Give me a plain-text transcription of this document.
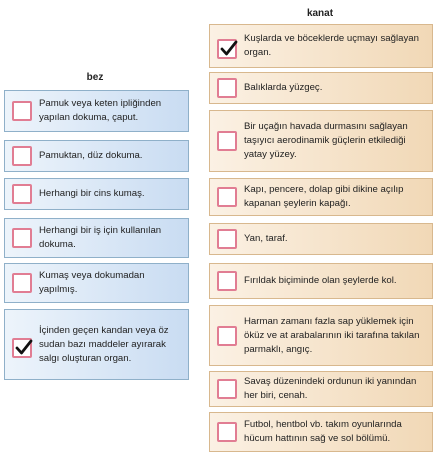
bez
kanat
Pamuk veya keten ipliğinden yapılan dokuma, çaput.
Pamuktan, düz dokuma.
Herhangi bir cins kumaş.
Herhangi bir iş için kullanılan dokuma.
Kumaş veya dokumadan yapılmış.
İçinden geçen kandan veya öz sudan bazı maddeler ayırarak salgı oluşturan organ.
Kuşlarda ve böceklerde uçmayı sağlayan organ.
Balıklarda yüzgeç.
Bir uçağın havada durmasını sağlayan taşıyıcı aerodinamik güçlerin etkilediği yatay yüzey.
Kapı, pencere, dolap gibi dikine açılıp kapanan şeylerin kapağı.
Yan, taraf.
Fırıldak biçiminde olan şeylerde kol.
Harman zamanı fazla sap yüklemek için öküz ve at arabalarının iki tarafına takılan parmaklı, angıç.
Savaş düzenindeki ordunun iki yanından her biri, cenah.
Futbol, hentbol vb. takım oyunlarında hücum hattının sağ ve sol bölümü.
